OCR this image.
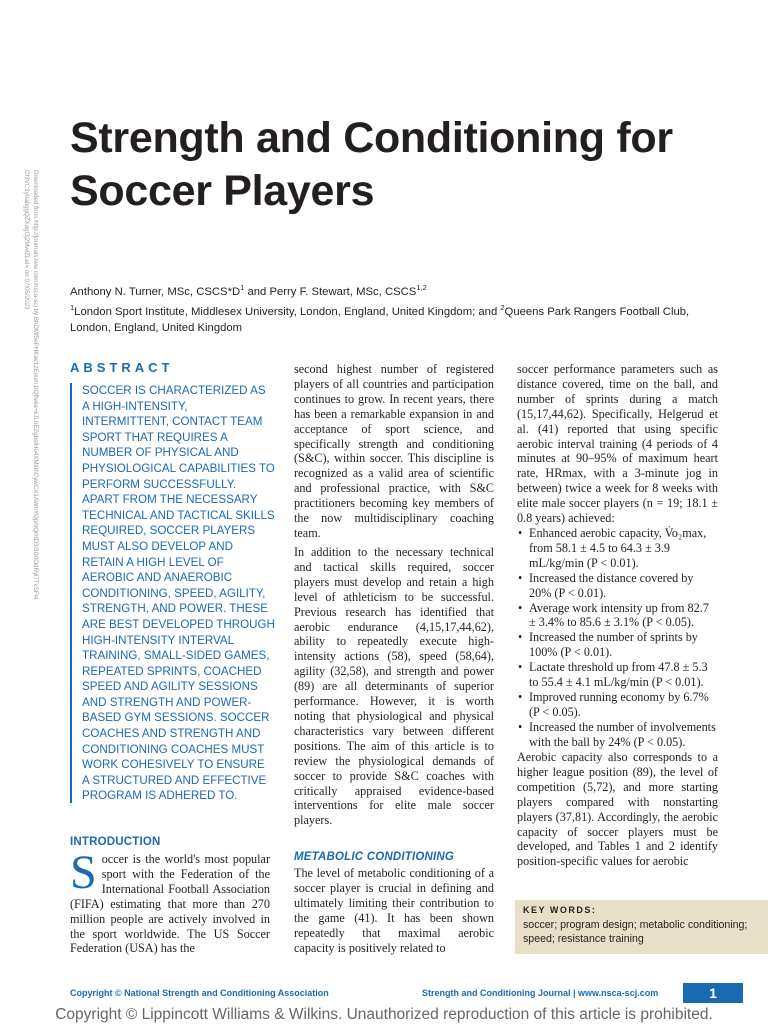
Downloaded from http://journals.lww.com/nsca-scj by BhDMf5ePHKav1zEoum1tQfN4a+kJLhEZgbsIHo4XMi0hCywCX1AWnYQp/IlQrHD3i3D0OdRyi7TvSFl4Cf3VC1y0abggQZXdgGj2MwlZLeI= on 07/05/2023
Strength and Conditioning for Soccer Players
Anthony N. Turner, MSc, $CSCS*D^1$ and Perry F. Stewart, MSc, CSCS$^{1,2}$
$^1$London Sport Institute, Middlesex University, London, England, United Kingdom; and $^2$Queens Park Rangers Football Club, London, England, United Kingdom
ABSTRACT
SOCCER IS CHARACTERIZED AS A HIGH-INTENSITY, INTERMITTENT, CONTACT TEAM SPORT THAT REQUIRES A NUMBER OF PHYSICAL AND PHYSIOLOGICAL CAPABILITIES TO PERFORM SUCCESSFULLY. APART FROM THE NECESSARY TECHNICAL AND TACTICAL SKILLS REQUIRED, SOCCER PLAYERS MUST ALSO DEVELOP AND RETAIN A HIGH LEVEL OF AEROBIC AND ANAEROBIC CONDITIONING, SPEED, AGILITY, STRENGTH, AND POWER. THESE ARE BEST DEVELOPED THROUGH HIGH-INTENSITY INTERVAL TRAINING, SMALL-SIDED GAMES, REPEATED SPRINTS, COACHED SPEED AND AGILITY SESSIONS AND STRENGTH AND POWER-BASED GYM SESSIONS. SOCCER COACHES AND STRENGTH AND CONDITIONING COACHES MUST WORK COHESIVELY TO ENSURE A STRUCTURED AND EFFECTIVE PROGRAM IS ADHERED TO.
INTRODUCTION
Soccer is the world's most popular sport with the Federation of the International Football Association (FIFA) estimating that more than 270 million people are actively involved in the sport worldwide. The US Soccer Federation (USA) has the

second highest number of registered players of all countries and participation continues to grow. In recent years, there has been a remarkable expansion in and acceptance of sport science, and specifically strength and conditioning (S&C), within soccer. This discipline is recognized as a valid area of scientific and professional practice, with S&C practitioners becoming key members of the now multidisciplinary coaching team.

In addition to the necessary technical and tactical skills required, soccer players must develop and retain a high level of athleticism to be successful. Previous research has identified that aerobic endurance (4,15,17,44,62), ability to repeatedly execute high-intensity actions (58), speed (58,64), agility (32,58), and strength and power (89) are all determinants of superior performance. However, it is worth noting that physiological and physical characteristics vary between different positions. The aim of this article is to review the physiological demands of soccer to provide S&C coaches with critically appraised evidence-based interventions for elite male soccer players.

METABOLIC CONDITIONING

The level of metabolic conditioning of a soccer player is crucial in defining and ultimately limiting their contribution to the game (41). It has been shown repeatedly that maximal aerobic capacity is positively related to

soccer performance parameters such as distance covered, time on the ball, and number of sprints during a match (15,17,44,62). Specifically, Helgerud et al. (41) reported that using specific aerobic interval training (4 periods of 4 minutes at 90–95% of maximum heart rate, HRmax, with a 3-minute jog in between) twice a week for 8 weeks with elite male soccer players (n = 19; 18.1 ± 0.8 years) achieved:

• Enhanced aerobic capacity, V̇o₂max, from 58.1 ± 4.5 to 64.3 ± 3.9 mL/kg/min (P < 0.01).
• Increased the distance covered by 20% (P < 0.01).
• Average work intensity up from 82.7 ± 3.4% to 85.6 ± 3.1% (P < 0.05).
• Increased the number of sprints by 100% (P < 0.01).
• Lactate threshold up from 47.8 ± 5.3 to 55.4 ± 4.1 mL/kg/min (P < 0.01).
• Improved running economy by 6.7% (P < 0.05).
• Increased the number of involvements with the ball by 24% (P < 0.05).

Aerobic capacity also corresponds to a higher league position (89), the level of competition (5,72), and more starting players compared with nonstarting players (37,81). Accordingly, the aerobic capacity of soccer players must be developed, and Tables 1 and 2 identify position-specific values for aerobic

KEY WORDS:
soccer; program design; metabolic conditioning; speed; resistance training
Copyright © National Strength and Conditioning Association	Strength and Conditioning Journal | www.nsca-scj.com	1
Copyright © Lippincott Williams & Wilkins. Unauthorized reproduction of this article is prohibited.
